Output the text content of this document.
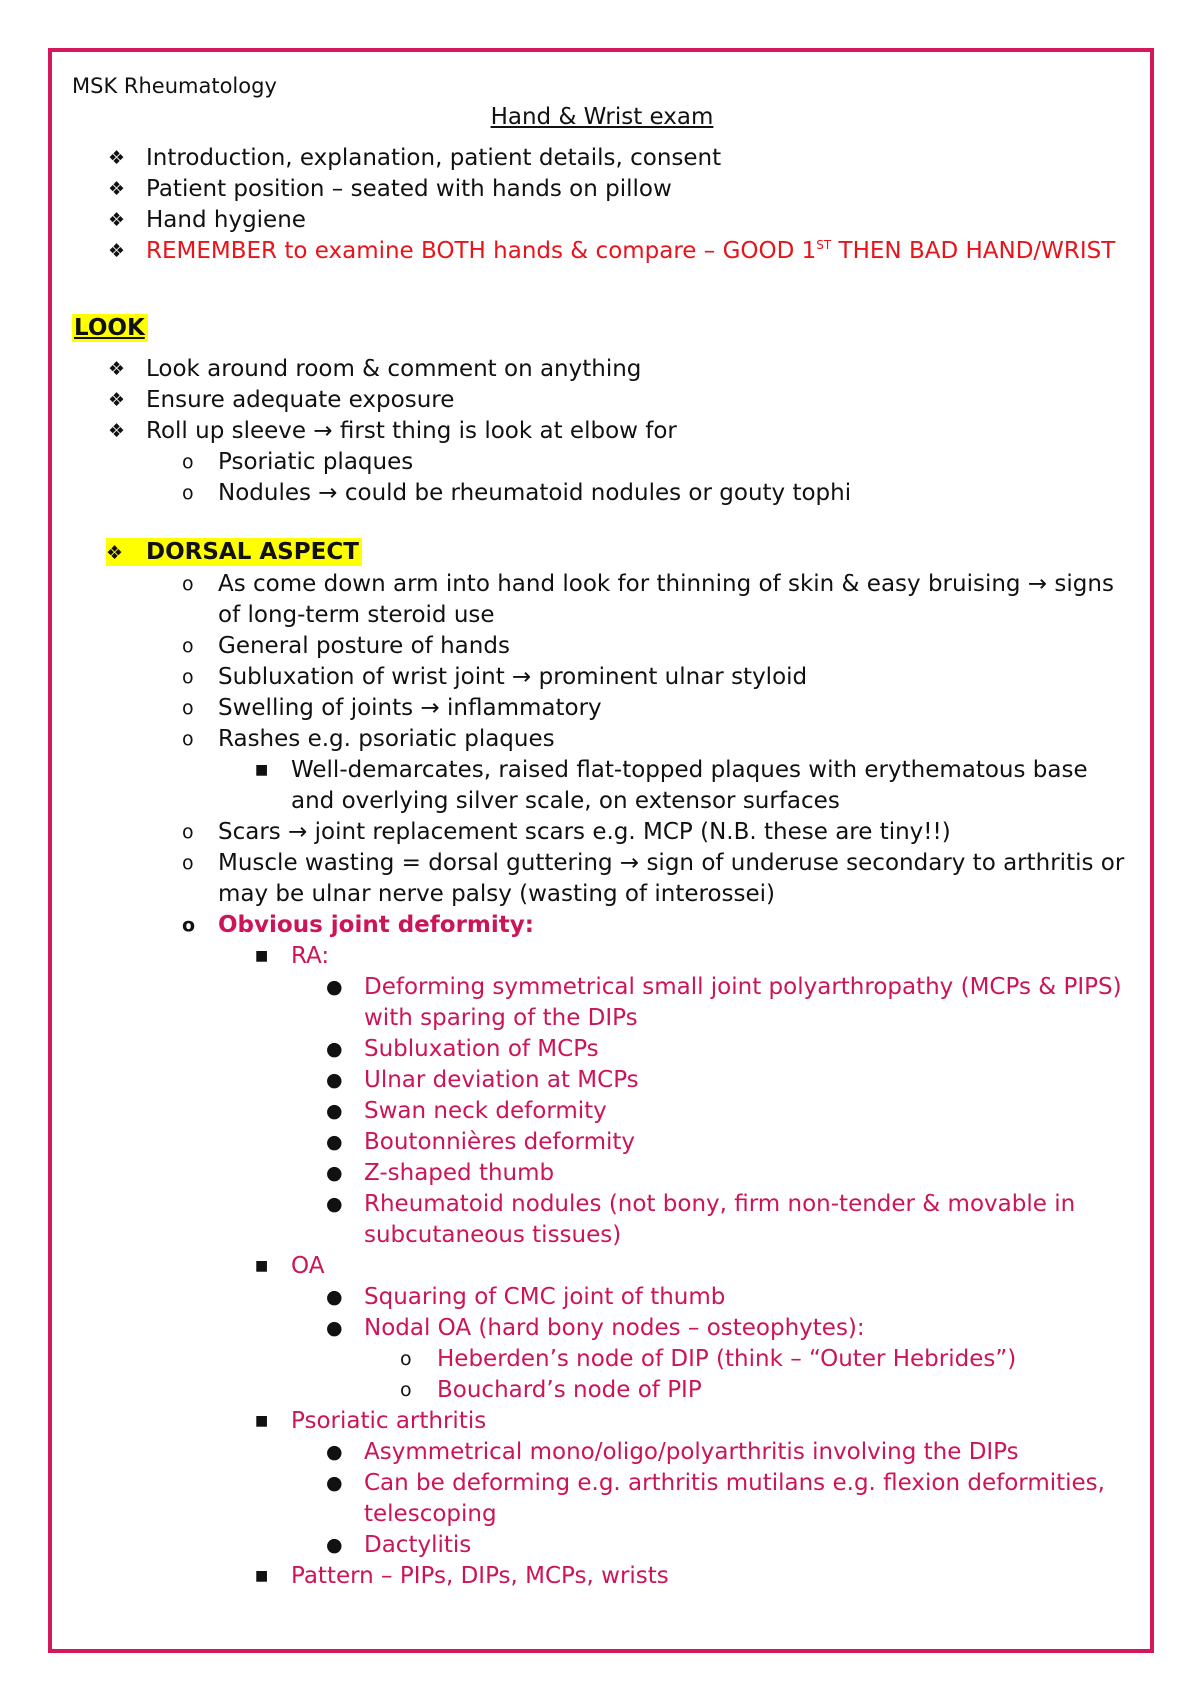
MSK Rheumatology
Hand & Wrist exam
❖ Introduction, explanation, patient details, consent
❖ Patient position – seated with hands on pillow
❖ Hand hygiene
❖ REMEMBER to examine BOTH hands & compare – GOOD 1ST THEN BAD HAND/WRIST
LOOK
❖ Look around room & comment on anything
❖ Ensure adequate exposure
❖ Roll up sleeve → first thing is look at elbow for
ο Psoriatic plaques
ο Nodules → could be rheumatoid nodules or gouty tophi
❖ DORSAL ASPECT
ο As come down arm into hand look for thinning of skin & easy bruising → signs of long-term steroid use
ο General posture of hands
ο Subluxation of wrist joint → prominent ulnar styloid
ο Swelling of joints → inflammatory
ο Rashes e.g. psoriatic plaques
■ Well-demarcates, raised flat-topped plaques with erythematous base and overlying silver scale, on extensor surfaces
ο Scars → joint replacement scars e.g. MCP (N.B. these are tiny!!)
ο Muscle wasting = dorsal guttering → sign of underuse secondary to arthritis or may be ulnar nerve palsy (wasting of interossei)
ο Obvious joint deformity:
■ RA:
● Deforming symmetrical small joint polyarthropathy (MCPs & PIPS) with sparing of the DIPs
● Subluxation of MCPs
● Ulnar deviation at MCPs
● Swan neck deformity
● Boutonnières deformity
● Z-shaped thumb
● Rheumatoid nodules (not bony, firm non-tender & movable in subcutaneous tissues)
■ OA
● Squaring of CMC joint of thumb
● Nodal OA (hard bony nodes – osteophytes):
o Heberden’s node of DIP (think – “Outer Hebrides”)
o Bouchard’s node of PIP
■ Psoriatic arthritis
● Asymmetrical mono/oligo/polyarthritis involving the DIPs
● Can be deforming e.g. arthritis mutilans e.g. flexion deformities, telescoping
● Dactylitis
■ Pattern – PIPs, DIPs, MCPs, wrists
